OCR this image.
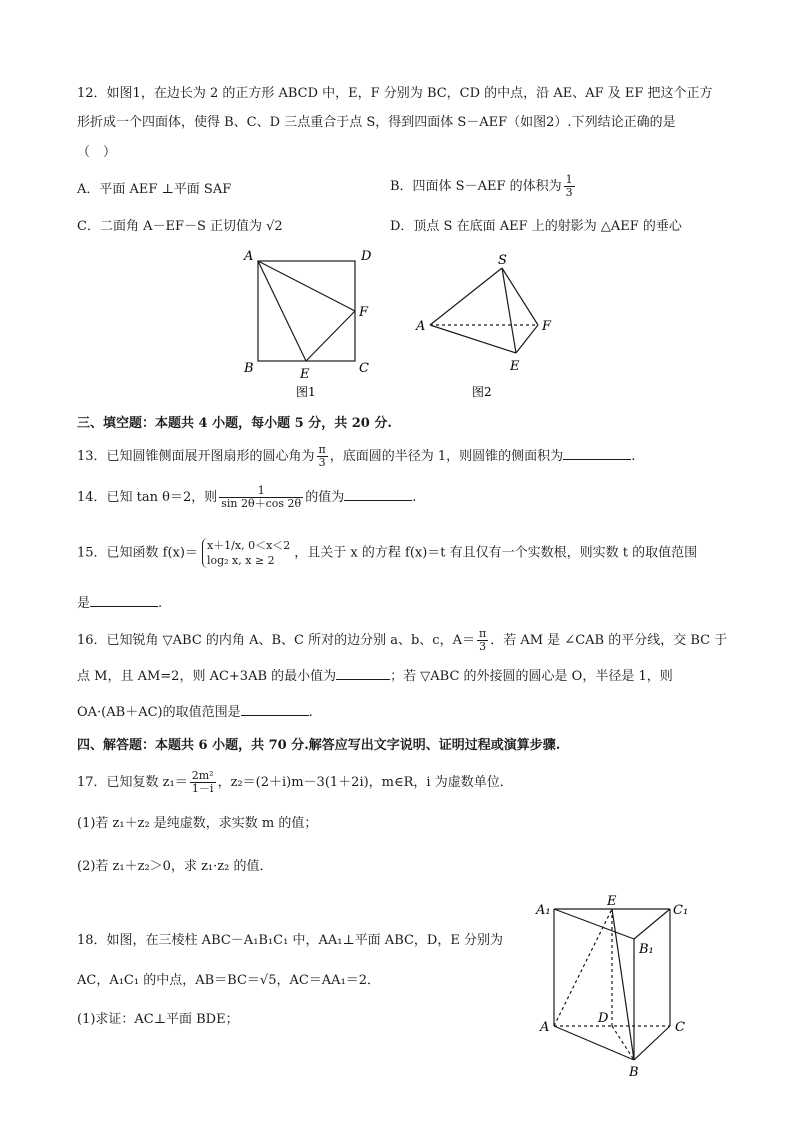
12．如图1，在边长为 2 的正方形 ABCD 中，E，F 分别为 BC，CD 的中点，沿 AE、AF 及 EF 把这个正方
形折成一个四面体，使得 B、C、D 三点重合于点 S，得到四面体 S－AEF（如图2）.下列结论正确的是
（　）
A．平面 AEF ⊥平面 SAF	B．四面体 S－AEF 的体积为 $\frac{1}{3}$
C．二面角 A－EF－S 正切值为 √2	D．顶点 S 在底面 AEF 上的射影为 △AEF 的垂心
A	D
B	C
E
F
图1
S
A	F
E
图2
三、填空题：本题共 4 小题，每小题 5 分，共 20 分.
13．已知圆锥侧面展开图扇形的圆心角为 $\frac{\pi}{3}$ ，底面圆的半径为 1，则圆锥的侧面积为	.
14．已知 tan θ＝2，则 $\frac{1}{\sin 2\theta+\cos 2\theta}$ 的值为	.
15．已知函数 f(x)＝ x＋1/x, 0＜x＜2
log₂ x, x ≥ 2	，且关于 x 的方程 f(x)＝t 有且仅有一个实数根，则实数 t 的取值范围
是	.
16．已知锐角 ▽ABC 的内角 A、B、C 所对的边分别 a、b、c，$A= \frac{\pi}{3}$ ．若 AM 是 ∠CAB 的平分线，交 BC 于
点 M，且 AM=2，则 AC+3AB 的最小值为	；若 ▽ABC 的外接圆的圆心是 O，半径是 1，则
OA·(AB＋AC)的取值范围是	.
四、解答题：本题共 6 小题，共 70 分.解答应写出文字说明、证明过程或演算步骤.
17．已知复数 $z_1= \frac{\text{2m²}}{1-i}$ ，z₂＝(2＋i)m－3(1＋2i)，m∈R，i 为虚数单位．
(1)若 z₁＋z₂ 是纯虚数，求实数 m 的值；
(2)若 z₁＋z₂＞0，求 z₁·z₂ 的值．
18．如图，在三棱柱 ABC－A₁B₁C₁ 中，AA₁⊥平面 ABC，D，E 分别为
AC，A₁C₁ 的中点，AB＝BC＝√5，AC＝AA₁＝2．
(1)求证：AC⊥平面 BDE；
A₁
E
C₁
B₁
A
D
C
B
